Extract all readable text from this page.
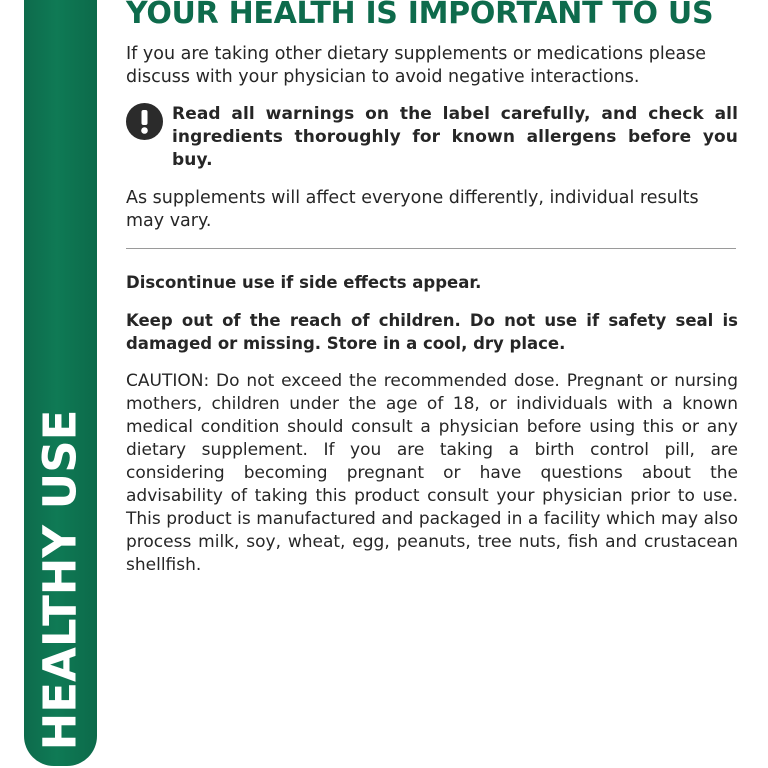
HEALTHY USE
YOUR HEALTH IS IMPORTANT TO US

If you are taking other dietary supplements or medications please discuss with your physician to avoid negative interactions.

Read all warnings on the label carefully, and check all ingredients thoroughly for known allergens before you buy.

As supplements will affect everyone differently, individual results may vary.

Discontinue use if side effects appear.

Keep out of the reach of children. Do not use if safety seal is damaged or missing. Store in a cool, dry place.

CAUTION: Do not exceed the recommended dose. Pregnant or nursing mothers, children under the age of 18, or individuals with a known medical condition should consult a physician before using this or any dietary supplement. If you are taking a birth control pill, are considering becoming pregnant or have questions about the advisability of taking this product consult your physician prior to use. This product is manufactured and packaged in a facility which may also process milk, soy, wheat, egg, peanuts, tree nuts, fish and crustacean shellfish.
